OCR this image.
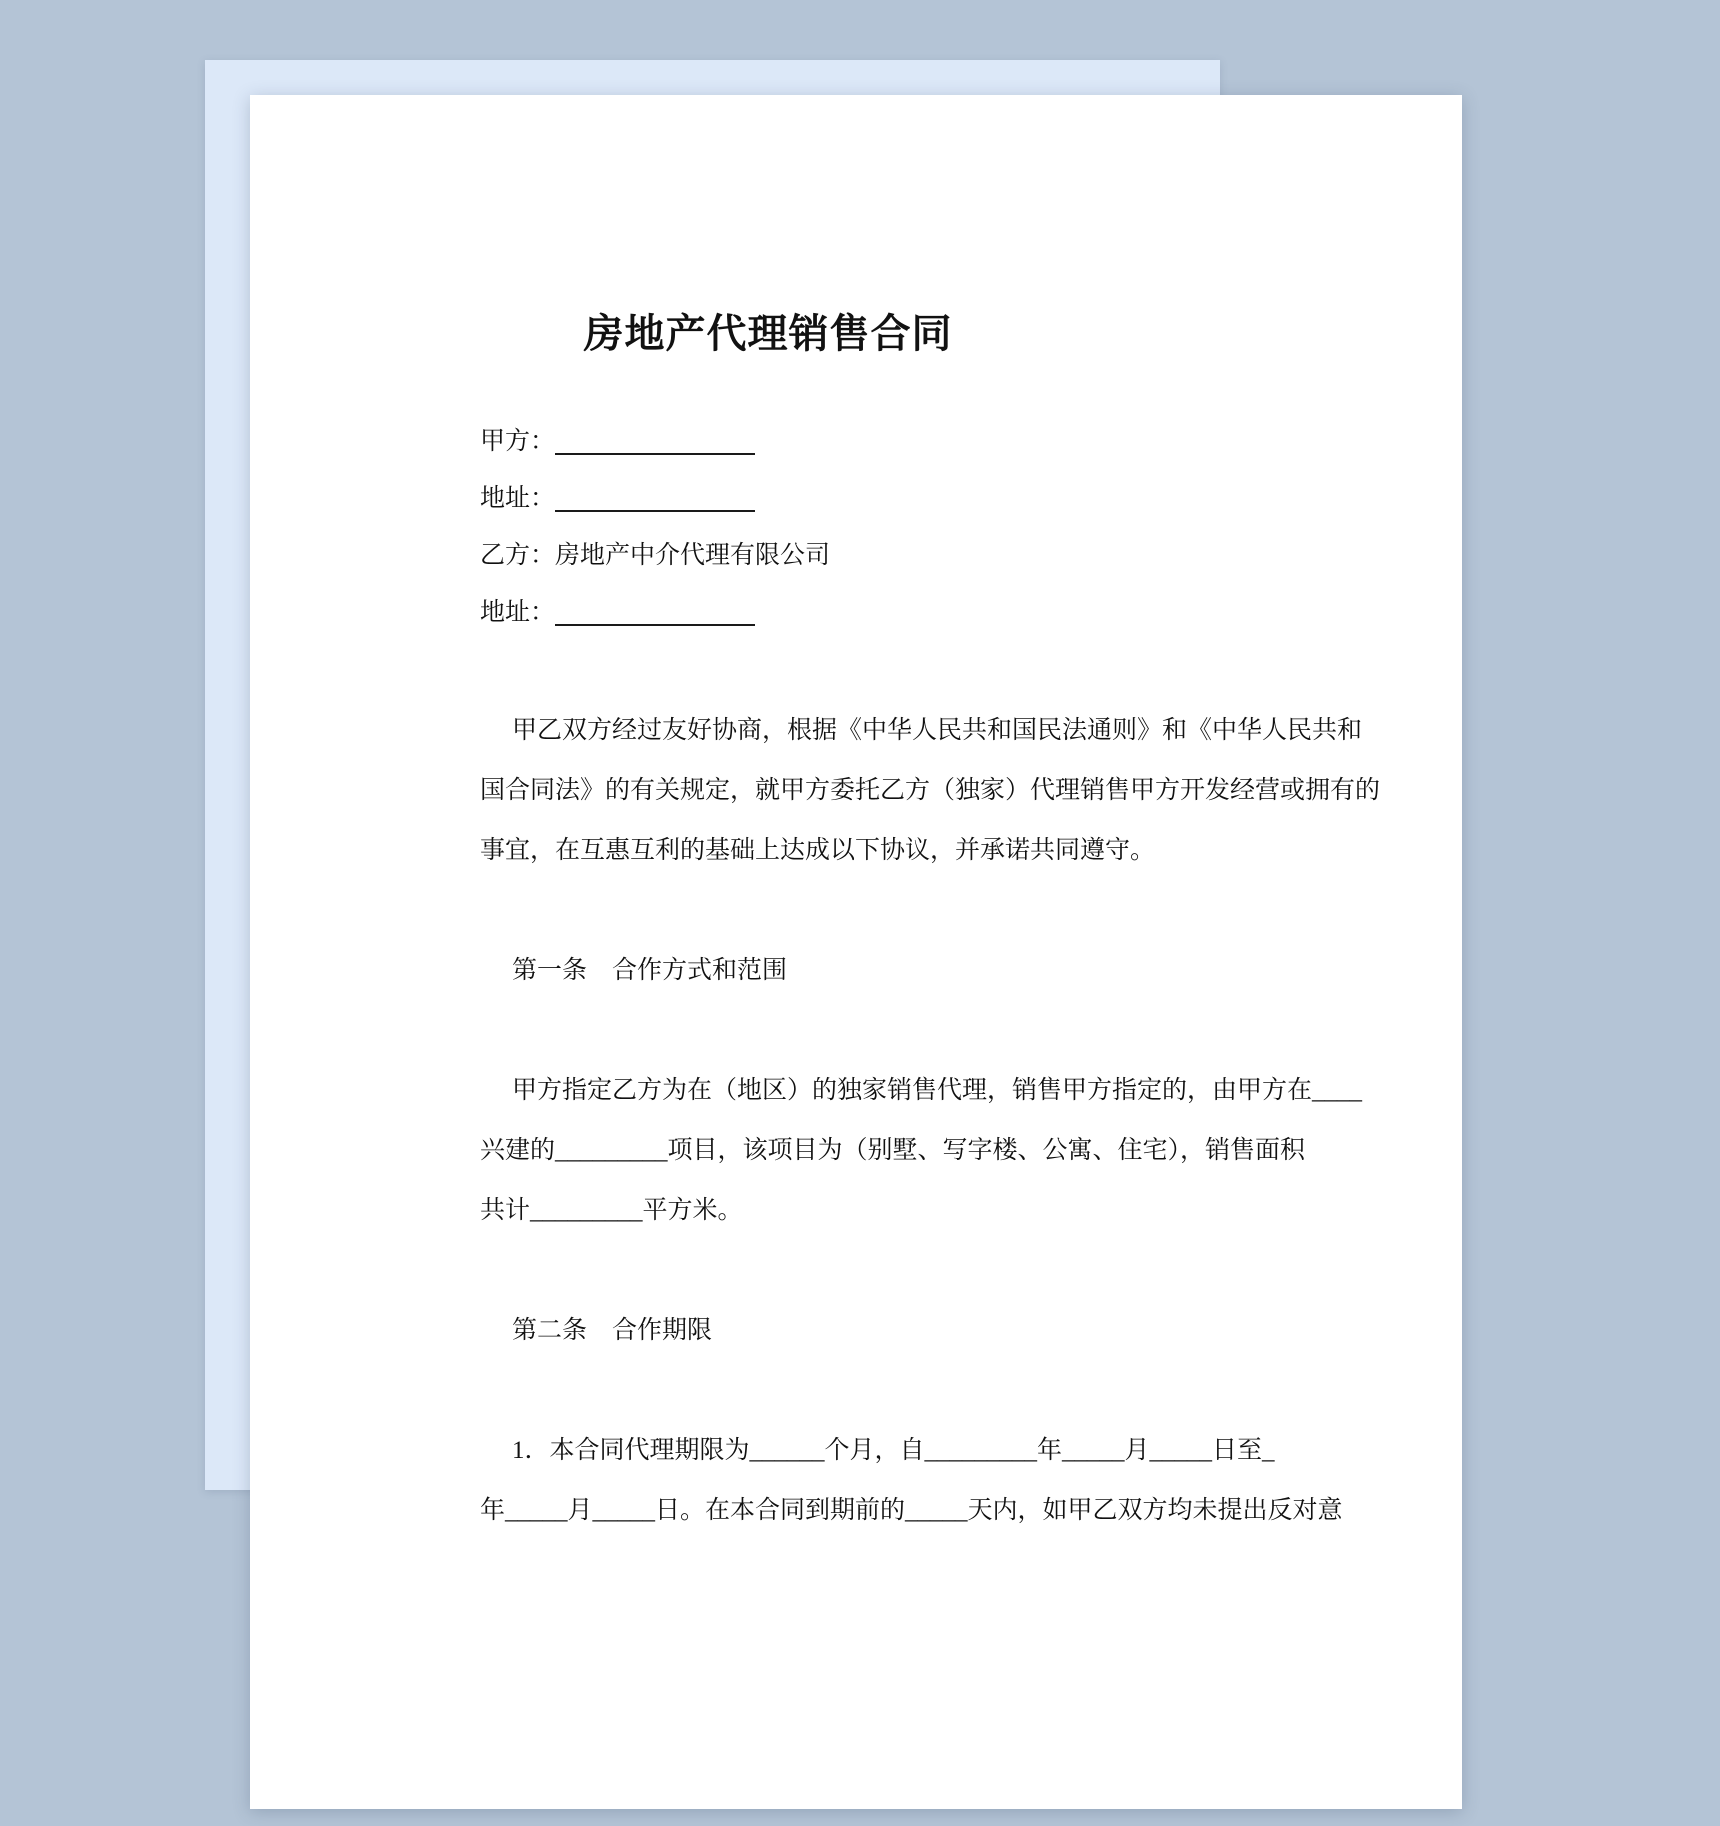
房地产代理销售合同
甲方：
地址：
乙方：房地产中介代理有限公司
地址：
甲乙双方经过友好协商，根据《中华人民共和国民法通则》和《中华人民共和
国合同法》的有关规定，就甲方委托乙方（独家）代理销售甲方开发经营或拥有的
事宜，在互惠互利的基础上达成以下协议，并承诺共同遵守。
第一条　合作方式和范围
甲方指定乙方为在（地区）的独家销售代理，销售甲方指定的，由甲方在____
兴建的_________项目，该项目为（别墅、写字楼、公寓、住宅），销售面积
共计_________平方米。
第二条　合作期限
1．本合同代理期限为______个月，自_________年_____月_____日至_
年_____月_____日。在本合同到期前的_____天内，如甲乙双方均未提出反对意
